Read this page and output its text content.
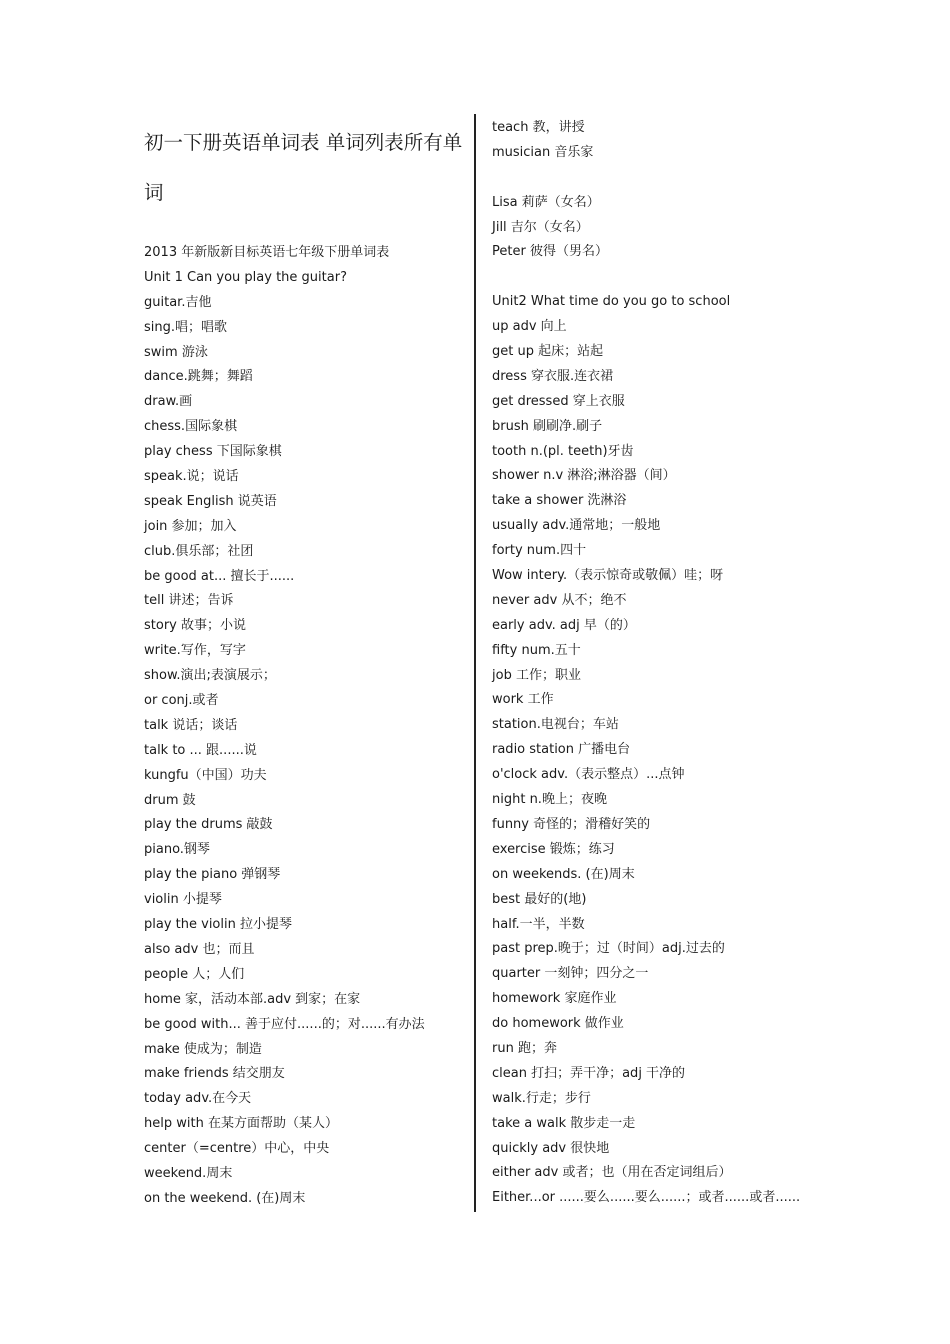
初一下册英语单词表 单词列表所有单词
2013 年新版新目标英语七年级下册单词表
Unit 1 Can you play the guitar?
guitar.吉他
sing.唱；唱歌
swim 游泳
dance.跳舞；舞蹈
draw.画
chess.国际象棋
play chess 下国际象棋
speak.说；说话
speak English 说英语
join 参加；加入
club.俱乐部；社团
be good at... 擅长于......
tell 讲述；告诉
story 故事；小说
write.写作，写字
show.演出;表演展示；
or conj.或者
talk 说话；谈话
talk to ... 跟......说
kungfu（中国）功夫
drum 鼓
play the drums 敲鼓
piano.钢琴
play the piano 弹钢琴
violin 小提琴
play the violin 拉小提琴
also adv 也；而且
people 人；人们
home 家，活动本部.adv 到家；在家
be good with... 善于应付......的；对......有办法
make 使成为；制造
make friends 结交朋友
today adv.在今天
help with 在某方面帮助（某人）
center（=centre）中心，中央
weekend.周末
on the weekend. (在)周末
teach 教，讲授
musician 音乐家
Lisa 莉萨（女名）
Jill 吉尔（女名）
Peter 彼得（男名）
Unit2 What time do you go to school
up adv 向上
get up 起床；站起
dress 穿衣服.连衣裙
get dressed 穿上衣服
brush 刷刷净.刷子
tooth n.(pl. teeth)牙齿
shower n.v 淋浴;淋浴器（间）
take a shower 洗淋浴
usually adv.通常地；一般地
forty num.四十
Wow intery.（表示惊奇或敬佩）哇；呀
never adv 从不；绝不
early adv. adj 早（的）
fifty num.五十
job 工作；职业
work 工作
station.电视台；车站
radio station 广播电台
o'clock adv.（表示整点）...点钟
night n.晚上；夜晚
funny 奇怪的；滑稽好笑的
exercise 锻炼；练习
on weekends. (在)周末
best 最好的(地)
half.一半，半数
past prep.晚于；过（时间）adj.过去的
quarter 一刻钟；四分之一
homework 家庭作业
do homework 做作业
run 跑；奔
clean 打扫；弄干净；adj 干净的
walk.行走；步行
take a walk 散步走一走
quickly adv 很快地
either adv 或者；也（用在否定词组后）
Either...or ......要么......要么......；或者......或者......
